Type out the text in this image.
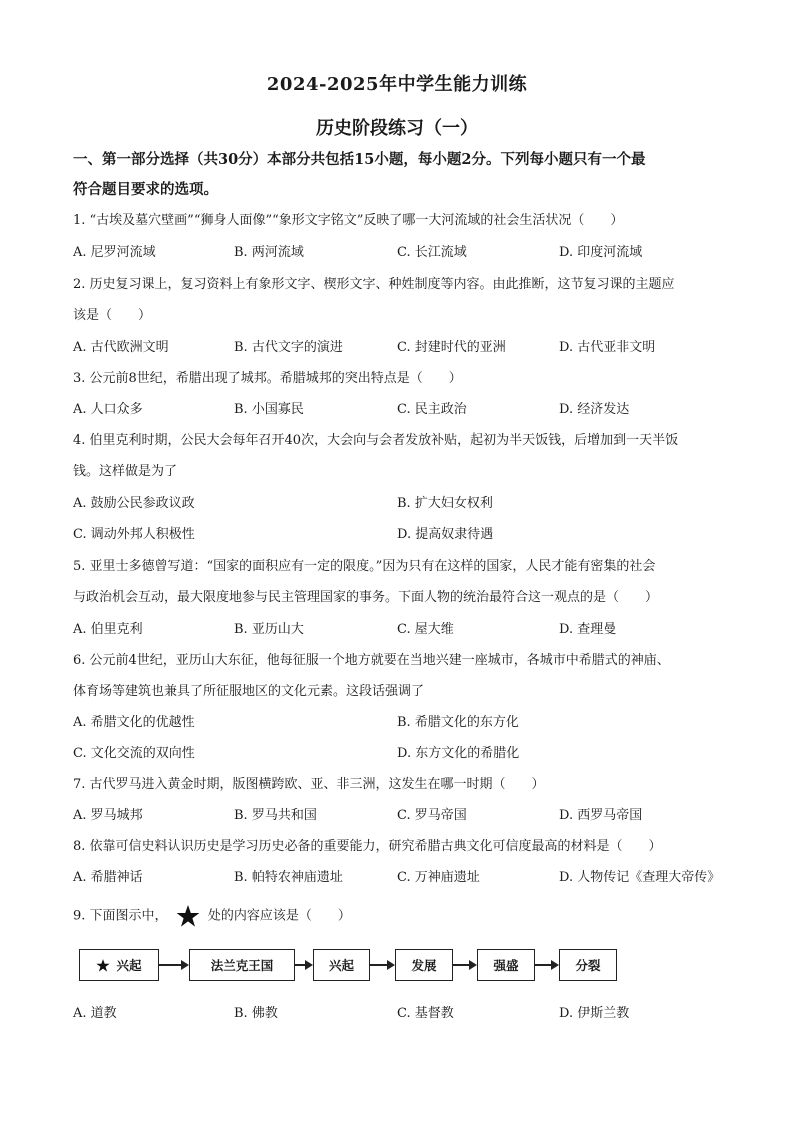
2024-2025年中学生能力训练
历史阶段练习（一）
一、第一部分选择（共30分）本部分共包括15小题，每小题2分。下列每小题只有一个最
符合题目要求的选项。
1. “古埃及墓穴壁画”“狮身人面像”“象形文字铭文”反映了哪一大河流域的社会生活状况（　　）
A. 尼罗河流域	B. 两河流域	C. 长江流域	D. 印度河流域
2. 历史复习课上，复习资料上有象形文字、楔形文字、种姓制度等内容。由此推断，这节复习课的主题应
该是（　　）
A. 古代欧洲文明	B. 古代文字的演进	C. 封建时代的亚洲	D. 古代亚非文明
3. 公元前8世纪，希腊出现了城邦。希腊城邦的突出特点是（　　）
A. 人口众多	B. 小国寡民	C. 民主政治	D. 经济发达
4. 伯里克利时期，公民大会每年召开40次，大会向与会者发放补贴，起初为半天饭钱，后增加到一天半饭
钱。这样做是为了
A. 鼓励公民参政议政	B. 扩大妇女权利
C. 调动外邦人积极性	D. 提高奴隶待遇
5. 亚里士多德曾写道：“国家的面积应有一定的限度。”因为只有在这样的国家，人民才能有密集的社会
与政治机会互动，最大限度地参与民主管理国家的事务。下面人物的统治最符合这一观点的是（　　）
A. 伯里克利	B. 亚历山大	C. 屋大维	D. 查理曼
6. 公元前4世纪，亚历山大东征，他每征服一个地方就要在当地兴建一座城市，各城市中希腊式的神庙、
体育场等建筑也兼具了所征服地区的文化元素。这段话强调了
A. 希腊文化的优越性	B. 希腊文化的东方化
C. 文化交流的双向性	D. 东方文化的希腊化
7. 古代罗马进入黄金时期，版图横跨欧、亚、非三洲，这发生在哪一时期（　　）
A. 罗马城邦	B. 罗马共和国	C. 罗马帝国	D. 西罗马帝国
8. 依靠可信史料认识历史是学习历史必备的重要能力，研究希腊古典文化可信度最高的材料是（　　）
A. 希腊神话	B. 帕特农神庙遗址	C. 万神庙遗址	D. 人物传记《查理大帝传》
9. 下面图示中，	处的内容应该是（　　）
兴起	法兰克王国	兴起	发展	强盛	分裂
A. 道教	B. 佛教	C. 基督教	D. 伊斯兰教
